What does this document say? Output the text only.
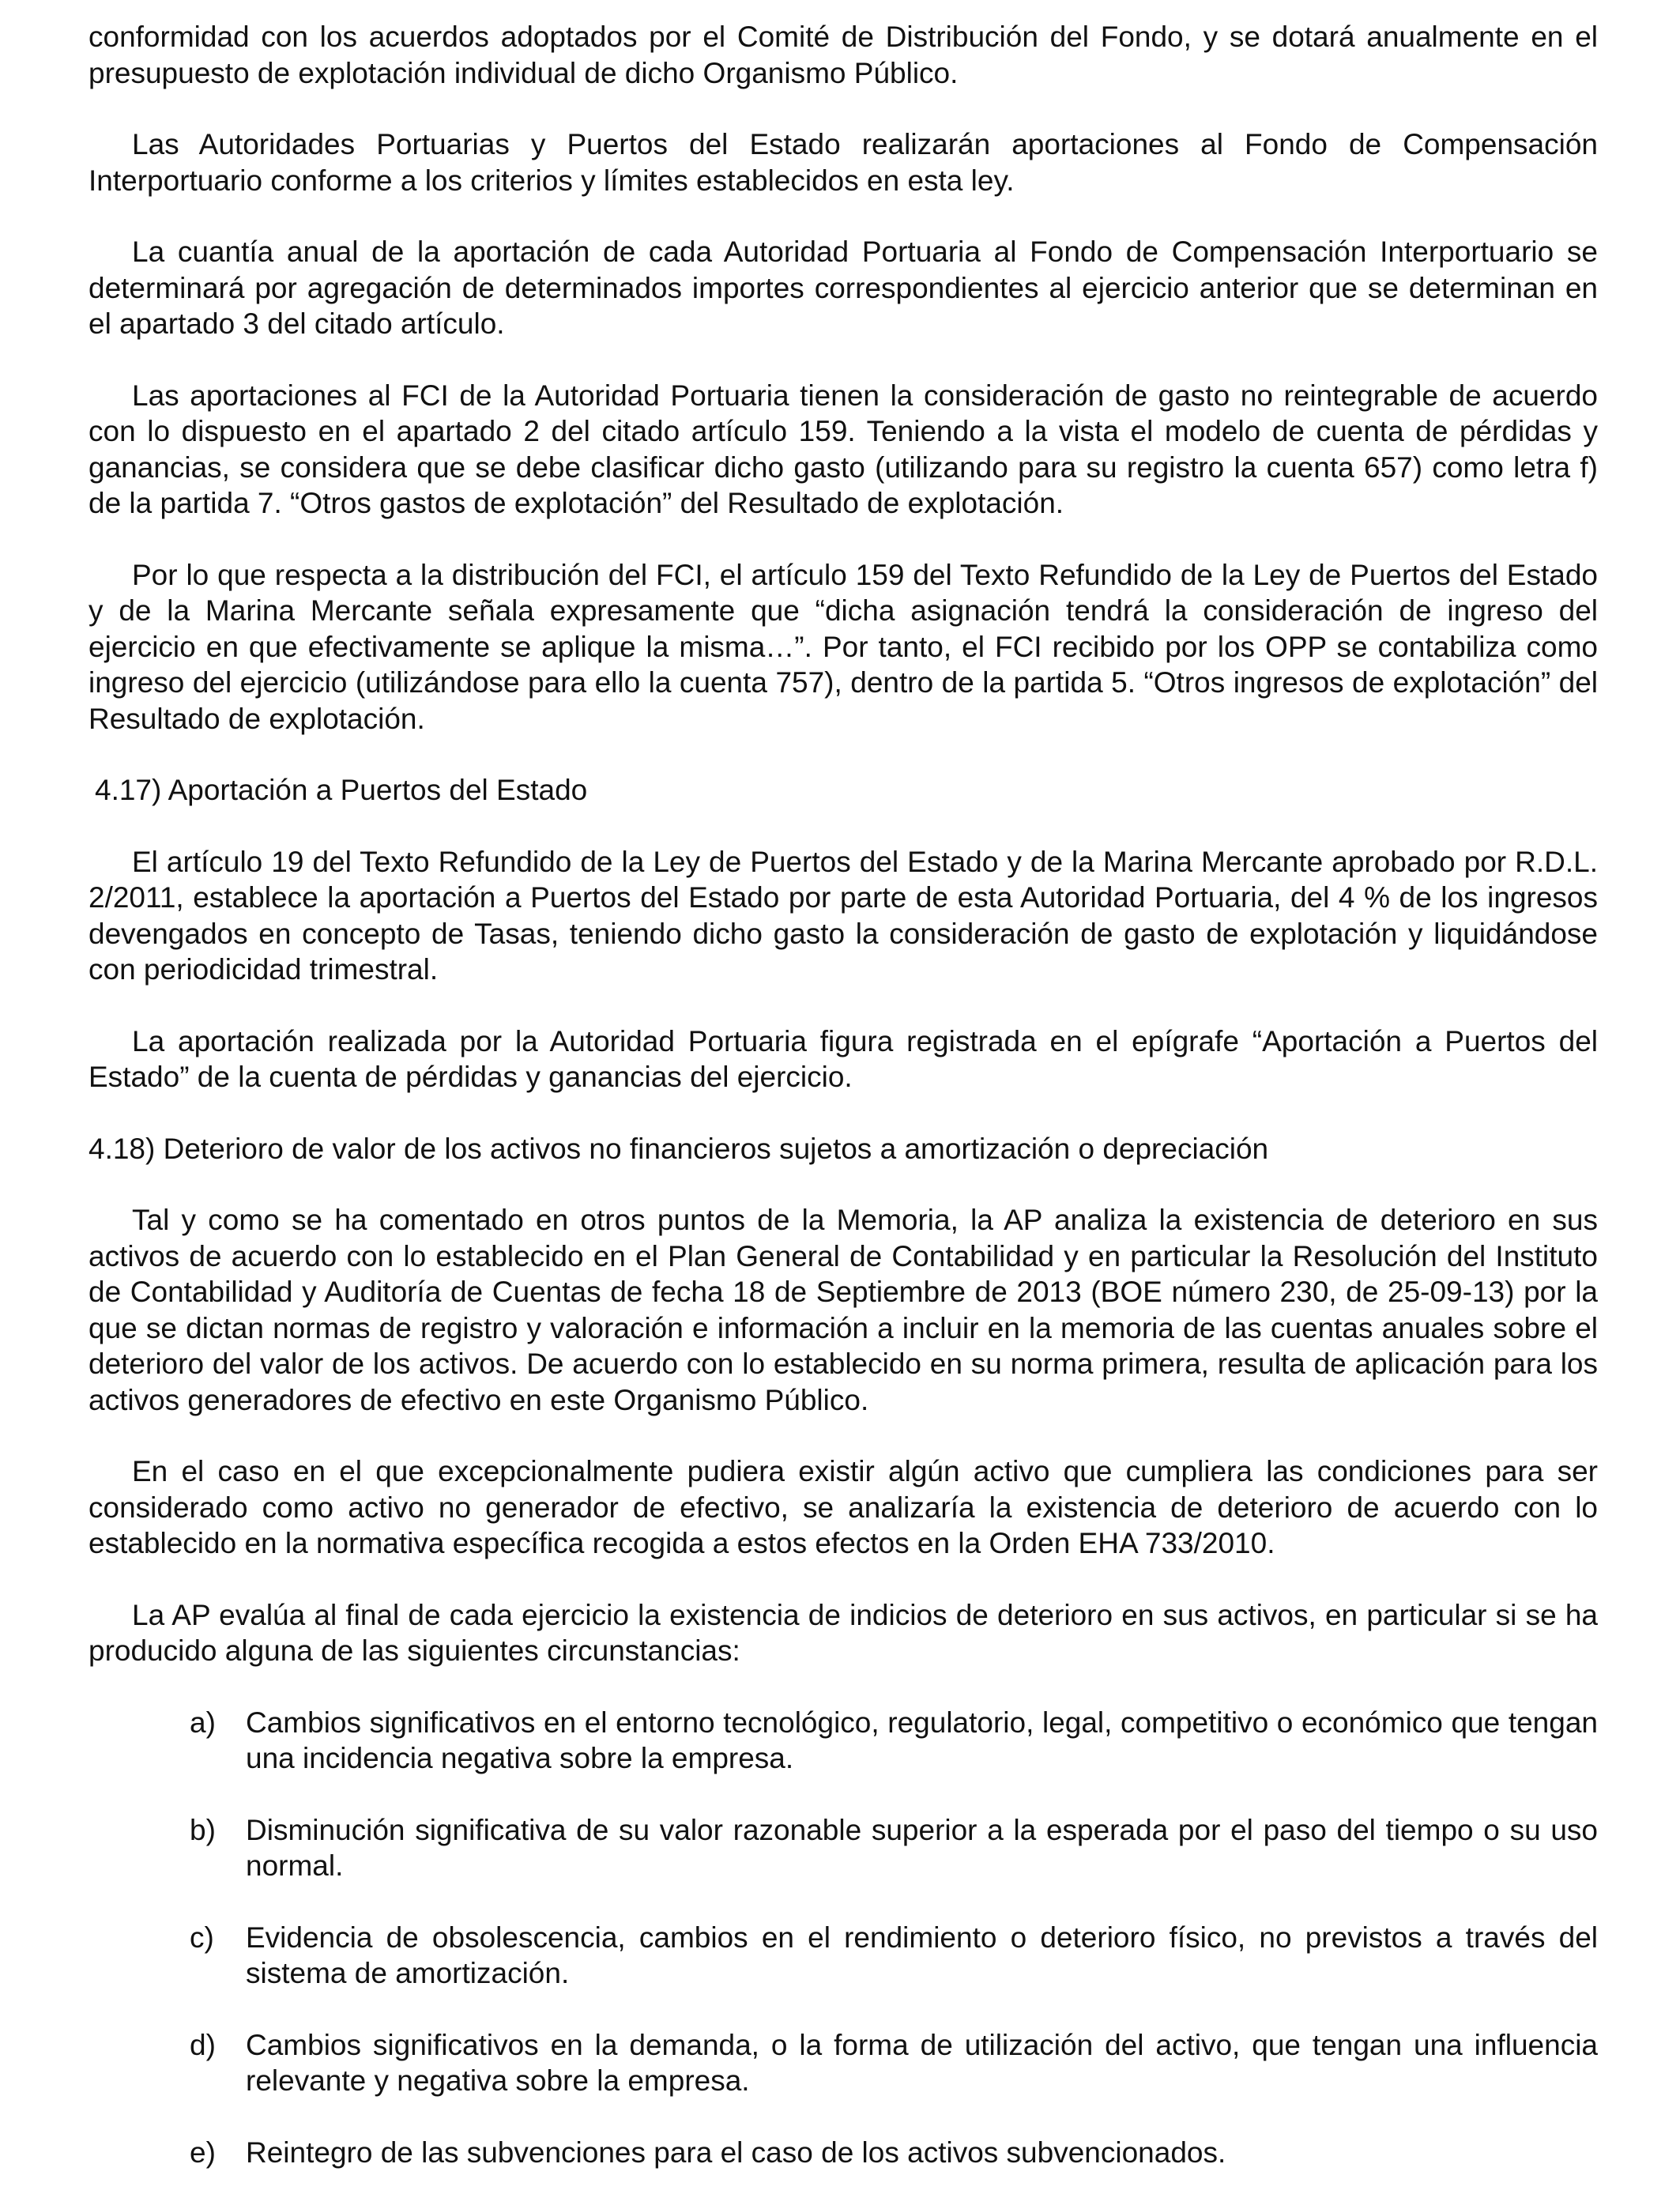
conformidad con los acuerdos adoptados por el Comité de Distribución del Fondo, y se dotará anualmente en el presupuesto de explotación individual de dicho Organismo Público.

Las Autoridades Portuarias y Puertos del Estado realizarán aportaciones al Fondo de Compensación Interportuario conforme a los criterios y límites establecidos en esta ley.

La cuantía anual de la aportación de cada Autoridad Portuaria al Fondo de Compensación Interportuario se determinará por agregación de determinados importes correspondientes al ejercicio anterior que se determinan en el apartado 3 del citado artículo.

Las aportaciones al FCI de la Autoridad Portuaria tienen la consideración de gasto no reintegrable de acuerdo con lo dispuesto en el apartado 2 del citado artículo 159. Teniendo a la vista el modelo de cuenta de pérdidas y ganancias, se considera que se debe clasificar dicho gasto (utilizando para su registro la cuenta 657) como letra f) de la partida 7. “Otros gastos de explotación” del Resultado de explotación.

Por lo que respecta a la distribución del FCI, el artículo 159 del Texto Refundido de la Ley de Puertos del Estado y de la Marina Mercante señala expresamente que “dicha asignación tendrá la consideración de ingreso del ejercicio en que efectivamente se aplique la misma…”. Por tanto, el FCI recibido por los OPP se contabiliza como ingreso del ejercicio (utilizándose para ello la cuenta 757), dentro de la partida 5. “Otros ingresos de explotación” del Resultado de explotación.

4.17) Aportación a Puertos del Estado

El artículo 19 del Texto Refundido de la Ley de Puertos del Estado y de la Marina Mercante aprobado por R.D.L. 2/2011, establece la aportación a Puertos del Estado por parte de esta Autoridad Portuaria, del 4 % de los ingresos devengados en concepto de Tasas, teniendo dicho gasto la consideración de gasto de explotación y liquidándose con periodicidad trimestral.

La aportación realizada por la Autoridad Portuaria figura registrada en el epígrafe “Aportación a Puertos del Estado” de la cuenta de pérdidas y ganancias del ejercicio.

4.18) Deterioro de valor de los activos no financieros sujetos a amortización o depreciación

Tal y como se ha comentado en otros puntos de la Memoria, la AP analiza la existencia de deterioro en sus activos de acuerdo con lo establecido en el Plan General de Contabilidad y en particular la Resolución del Instituto de Contabilidad y Auditoría de Cuentas de fecha 18 de Septiembre de 2013 (BOE número 230, de 25-09-13) por la que se dictan normas de registro y valoración e información a incluir en la memoria de las cuentas anuales sobre el deterioro del valor de los activos. De acuerdo con lo establecido en su norma primera, resulta de aplicación para los activos generadores de efectivo en este Organismo Público.

En el caso en el que excepcionalmente pudiera existir algún activo que cumpliera las condiciones para ser considerado como activo no generador de efectivo, se analizaría la existencia de deterioro de acuerdo con lo establecido en la normativa específica recogida a estos efectos en la Orden EHA 733/2010.

La AP evalúa al final de cada ejercicio la existencia de indicios de deterioro en sus activos, en particular si se ha producido alguna de las siguientes circunstancias:

a)	Cambios significativos en el entorno tecnológico, regulatorio, legal, competitivo o económico que tengan una incidencia negativa sobre la empresa.
b)	Disminución significativa de su valor razonable superior a la esperada por el paso del tiempo o su uso normal.
c)	Evidencia de obsolescencia, cambios en el rendimiento o deterioro físico, no previstos a través del sistema de amortización.
d)	Cambios significativos en la demanda, o la forma de utilización del activo, que tengan una influencia relevante y negativa sobre la empresa.
e)	Reintegro de las subvenciones para el caso de los activos subvencionados.
